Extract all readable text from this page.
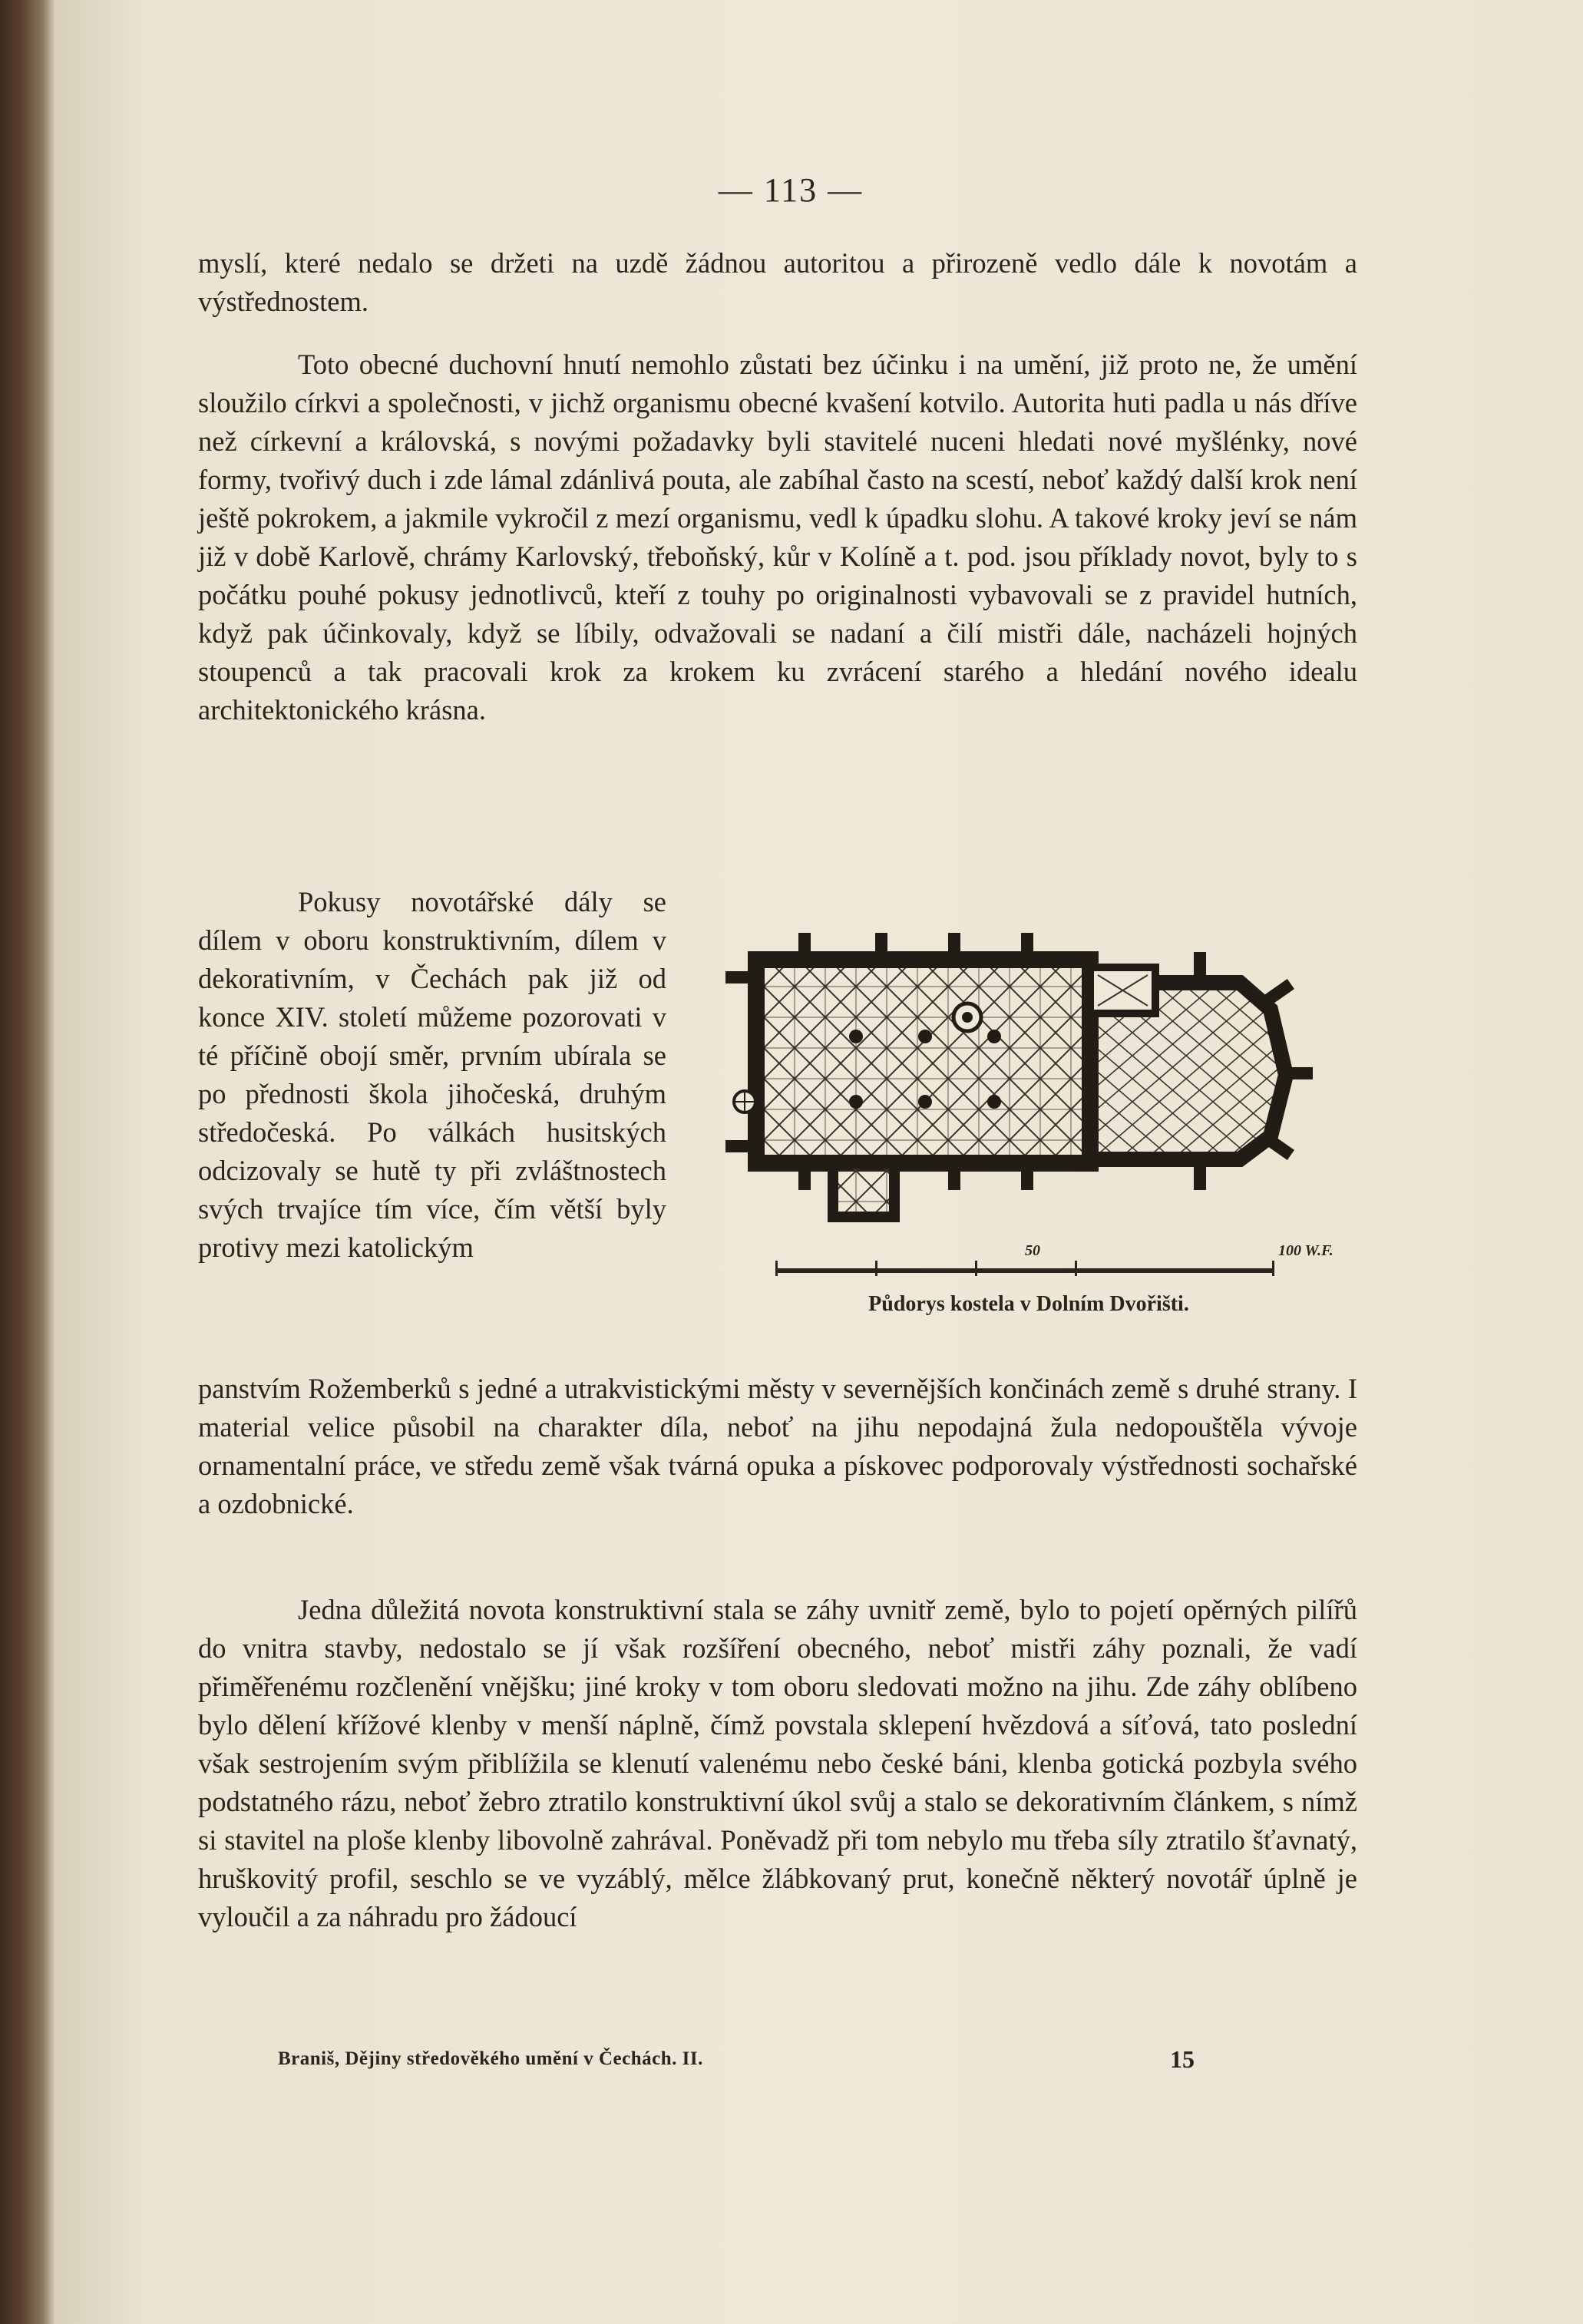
— 113 —

myslí, které nedalo se držeti na uzdě žádnou autoritou a přirozeně vedlo dále k novotám a výstřednostem.

Toto obecné duchovní hnutí nemohlo zůstati bez účinku i na umění, již proto ne, že umění sloužilo církvi a společnosti, v jichž organismu obecné kvašení kotvilo. Autorita huti padla u nás dříve než církevní a královská, s novými požadavky byli stavitelé nuceni hledati nové myšlénky, nové formy, tvořivý duch i zde lámal zdánlivá pouta, ale zabíhal často na scestí, neboť každý další krok není ještě pokrokem, a jakmile vykročil z mezí organismu, vedl k úpadku slohu. A takové kroky jeví se nám již v době Karlově, chrámy Karlovský, třeboňský, kůr v Kolíně a t. pod. jsou příklady novot, byly to s počátku pouhé pokusy jednotlivců, kteří z touhy po originalnosti vybavovali se z pravidel hutních, když pak účinkovaly, když se líbily, odvažovali se nadaní a čilí mistři dále, nacházeli hojných stoupenců a tak pracovali krok za krokem ku zvrácení starého a hledání nového idealu architektonického krásna.

Pokusy novotářské dály se dílem v oboru konstruktivním, dílem v dekorativním, v Čechách pak již od konce XIV. století můžeme pozorovati v té příčině obojí směr, prvním ubírala se po přednosti škola jihočeská, druhým středočeská. Po válkách husitských odcizovaly se hutě ty při zvláštnostech svých trvajíce tím více, čím větší byly protivy mezi katolickým

panstvím Rožemberků s jedné a utrakvistickými městy v severnějších končinách země s druhé strany. I material velice působil na charakter díla, neboť na jihu nepodajná žula nedopouštěla vývoje ornamentalní práce, ve středu země však tvárná opuka a pískovec podporovaly výstřednosti sochařské a ozdobnické.

Jedna důležitá novota konstruktivní stala se záhy uvnitř země, bylo to pojetí opěrných pilířů do vnitra stavby, nedostalo se jí však rozšíření obecného, neboť mistři záhy poznali, že vadí přiměřenému rozčlenění vnějšku; jiné kroky v tom oboru sledovati možno na jihu. Zde záhy oblíbeno bylo dělení křížové klenby v menší náplně, čímž povstala sklepení hvězdová a síťová, tato poslední však sestrojením svým přiblížila se klenutí valenému nebo české báni, klenba gotická pozbyla svého podstatného rázu, neboť žebro ztratilo konstruktivní úkol svůj a stalo se dekorativním článkem, s nímž si stavitel na ploše klenby libovolně zahrával. Poněvadž při tom nebylo mu třeba síly ztratilo šťavnatý, hruškovitý profil, seschlo se ve vyzáblý, mělce žlábkovaný prut, konečně některý novotář úplně je vyloučil a za náhradu pro žádoucí

50	100 W.F.
Půdorys kostela v Dolním Dvořišti.
Braniš, Dějiny středověkého umění v Čechách. II.	15
